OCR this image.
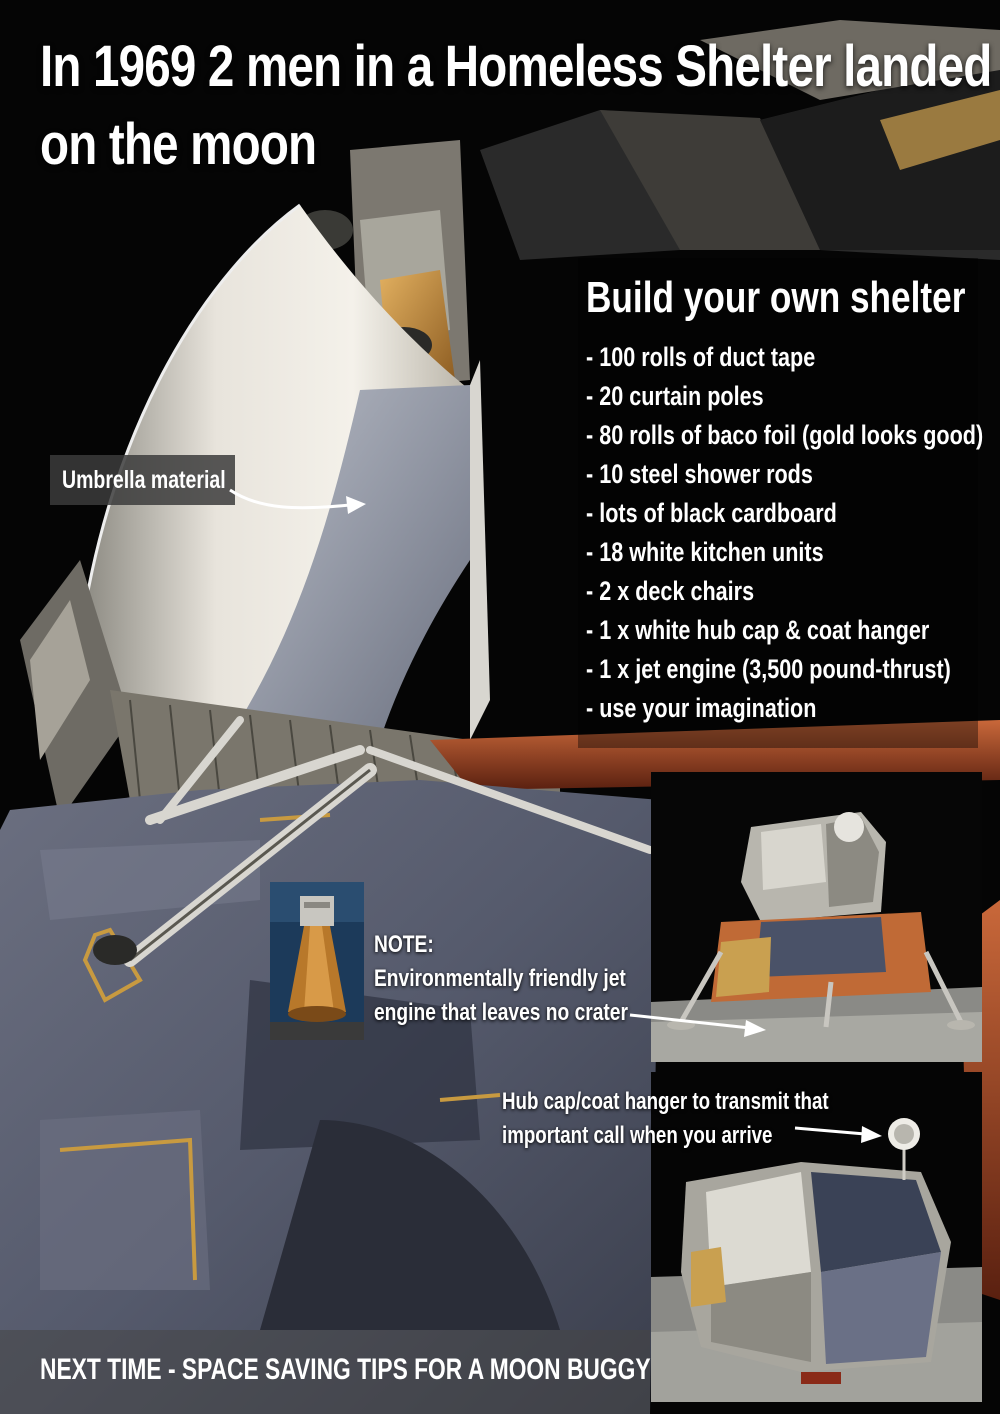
In 1969 2 men in a Homeless Shelter landed
on the moon
Build your own shelter
- 100 rolls of duct tape
- 20 curtain poles
- 80 rolls of baco foil (gold looks good)
- 10 steel shower rods
- lots of black cardboard
- 18 white kitchen units
- 2 x deck chairs
- 1 x white hub cap & coat hanger
- 1 x jet engine (3,500 pound-thrust)
- use your imagination
Umbrella material
NOTE:
Environmentally friendly jet
engine that leaves no crater
Hub cap/coat hanger to transmit that
important call when you arrive
NEXT TIME - SPACE SAVING TIPS FOR A MOON BUGGY
